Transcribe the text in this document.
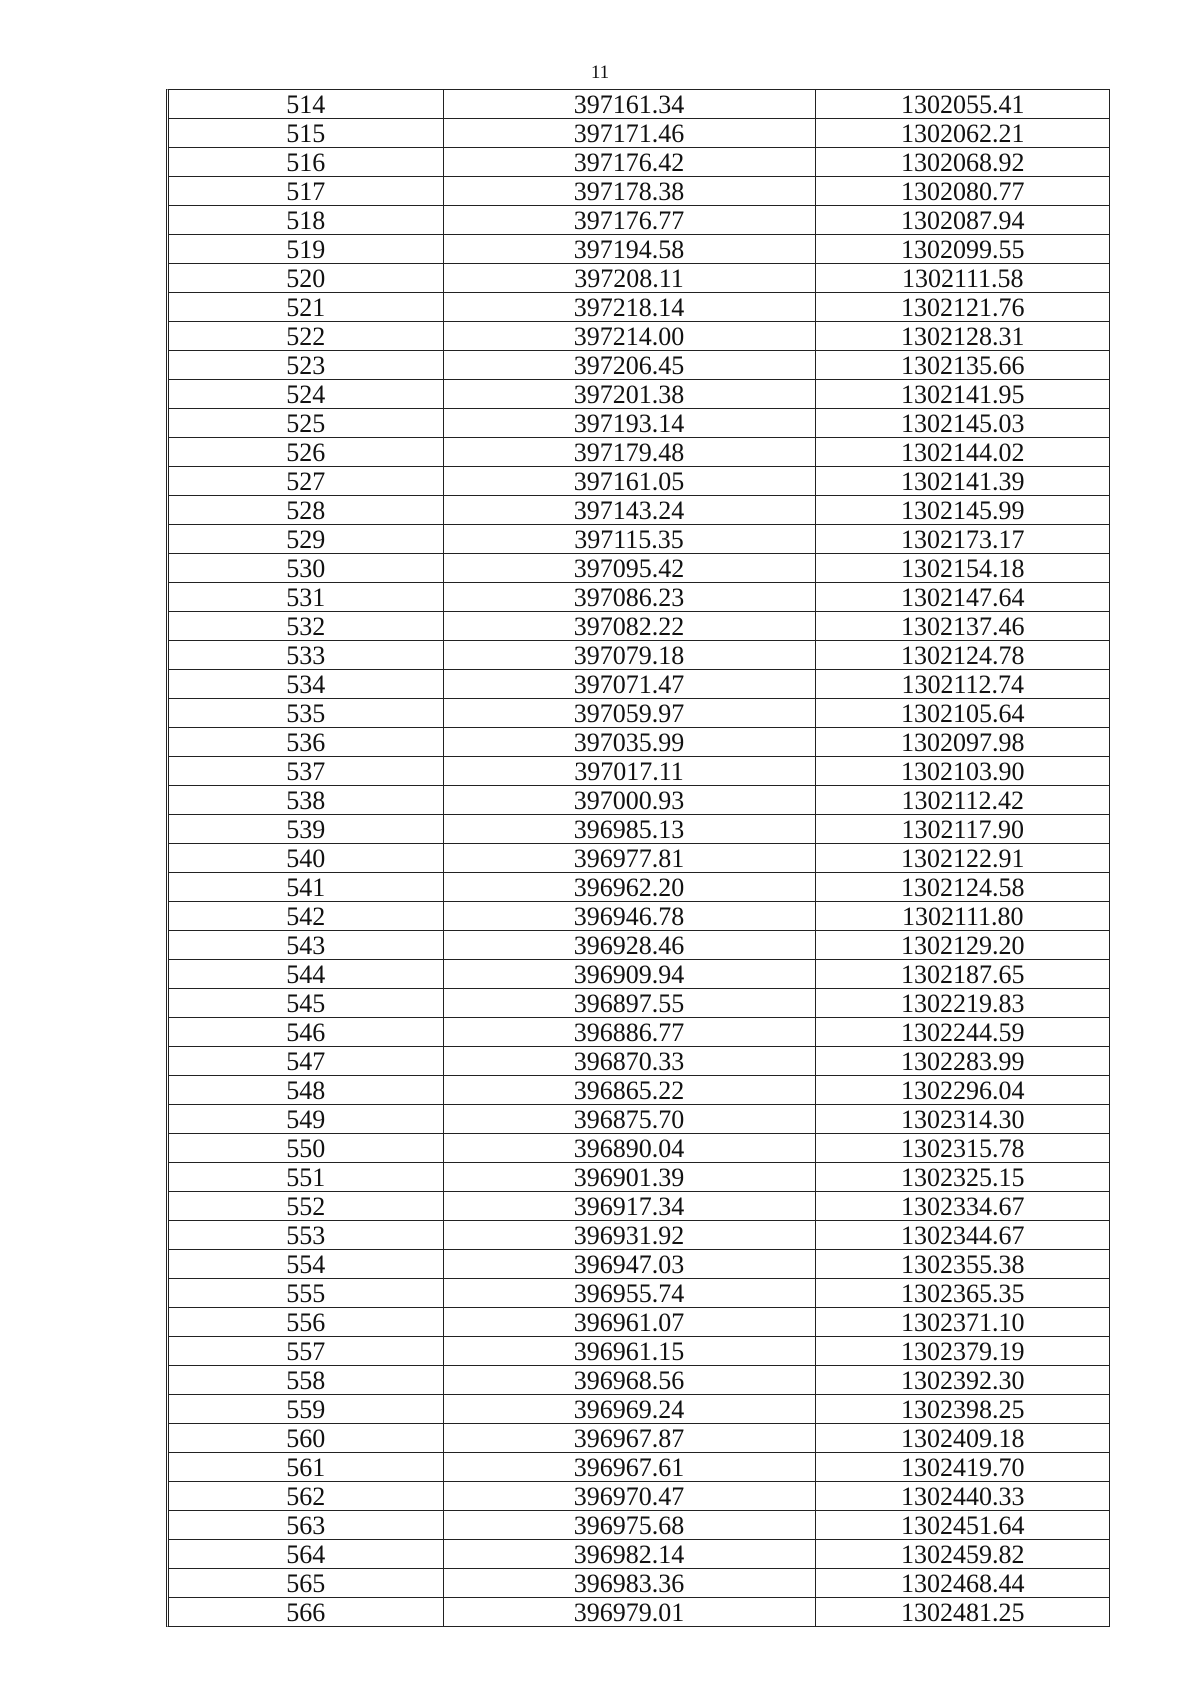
11
514	397161.34	1302055.41
515	397171.46	1302062.21
516	397176.42	1302068.92
517	397178.38	1302080.77
518	397176.77	1302087.94
519	397194.58	1302099.55
520	397208.11	1302111.58
521	397218.14	1302121.76
522	397214.00	1302128.31
523	397206.45	1302135.66
524	397201.38	1302141.95
525	397193.14	1302145.03
526	397179.48	1302144.02
527	397161.05	1302141.39
528	397143.24	1302145.99
529	397115.35	1302173.17
530	397095.42	1302154.18
531	397086.23	1302147.64
532	397082.22	1302137.46
533	397079.18	1302124.78
534	397071.47	1302112.74
535	397059.97	1302105.64
536	397035.99	1302097.98
537	397017.11	1302103.90
538	397000.93	1302112.42
539	396985.13	1302117.90
540	396977.81	1302122.91
541	396962.20	1302124.58
542	396946.78	1302111.80
543	396928.46	1302129.20
544	396909.94	1302187.65
545	396897.55	1302219.83
546	396886.77	1302244.59
547	396870.33	1302283.99
548	396865.22	1302296.04
549	396875.70	1302314.30
550	396890.04	1302315.78
551	396901.39	1302325.15
552	396917.34	1302334.67
553	396931.92	1302344.67
554	396947.03	1302355.38
555	396955.74	1302365.35
556	396961.07	1302371.10
557	396961.15	1302379.19
558	396968.56	1302392.30
559	396969.24	1302398.25
560	396967.87	1302409.18
561	396967.61	1302419.70
562	396970.47	1302440.33
563	396975.68	1302451.64
564	396982.14	1302459.82
565	396983.36	1302468.44
566	396979.01	1302481.25
